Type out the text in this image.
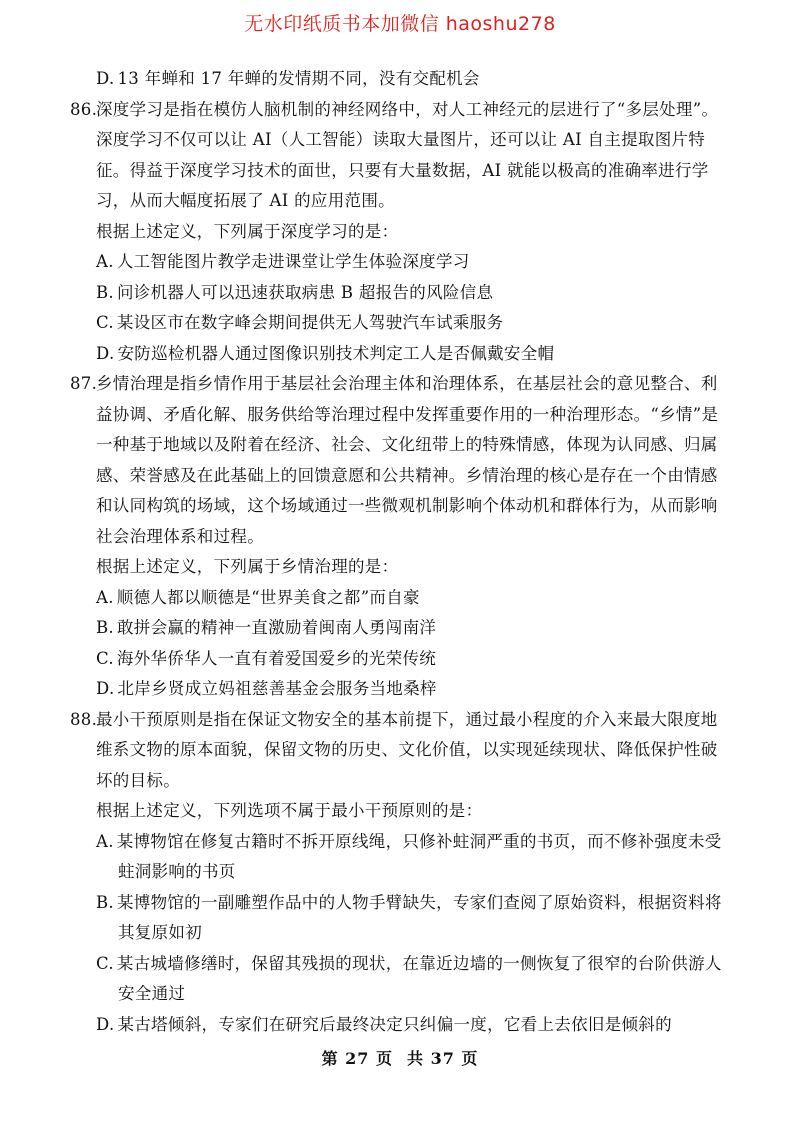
无水印纸质书本加微信 haoshu278

D. 13 年蝉和 17 年蝉的发情期不同，没有交配机会

86.

深度学习是指在模仿人脑机制的神经网络中，对人工神经元的层进行了“多层处理”。深度学习不仅可以让 AI（人工智能）读取大量图片，还可以让 AI 自主提取图片特征。得益于深度学习技术的面世，只要有大量数据，AI 就能以极高的准确率进行学习，从而大幅度拓展了 AI 的应用范围。

根据上述定义，下列属于深度学习的是：

A. 人工智能图片教学走进课堂让学生体验深度学习

B. 问诊机器人可以迅速获取病患 B 超报告的风险信息

C. 某设区市在数字峰会期间提供无人驾驶汽车试乘服务

D. 安防巡检机器人通过图像识别技术判定工人是否佩戴安全帽

87.

乡情治理是指乡情作用于基层社会治理主体和治理体系，在基层社会的意见整合、利益协调、矛盾化解、服务供给等治理过程中发挥重要作用的一种治理形态。“乡情”是一种基于地域以及附着在经济、社会、文化纽带上的特殊情感，体现为认同感、归属感、荣誉感及在此基础上的回馈意愿和公共精神。乡情治理的核心是存在一个由情感和认同构筑的场域，这个场域通过一些微观机制影响个体动机和群体行为，从而影响社会治理体系和过程。

根据上述定义，下列属于乡情治理的是：

A. 顺德人都以顺德是“世界美食之都”而自豪

B. 敢拼会赢的精神一直激励着闽南人勇闯南洋

C. 海外华侨华人一直有着爱国爱乡的光荣传统

D. 北岸乡贤成立妈祖慈善基金会服务当地桑梓

88.

最小干预原则是指在保证文物安全的基本前提下，通过最小程度的介入来最大限度地维系文物的原本面貌，保留文物的历史、文化价值，以实现延续现状、降低保护性破坏的目标。

根据上述定义，下列选项不属于最小干预原则的是：

A. 某博物馆在修复古籍时不拆开原线绳，只修补蛀洞严重的书页，而不修补强度未受蛀洞影响的书页

B. 某博物馆的一副雕塑作品中的人物手臂缺失，专家们查阅了原始资料，根据资料将其复原如初

C. 某古城墙修缮时，保留其残损的现状，在靠近边墙的一侧恢复了很窄的台阶供游人安全通过

D. 某古塔倾斜，专家们在研究后最终决定只纠偏一度，它看上去依旧是倾斜的

第 27 页 共 37 页
